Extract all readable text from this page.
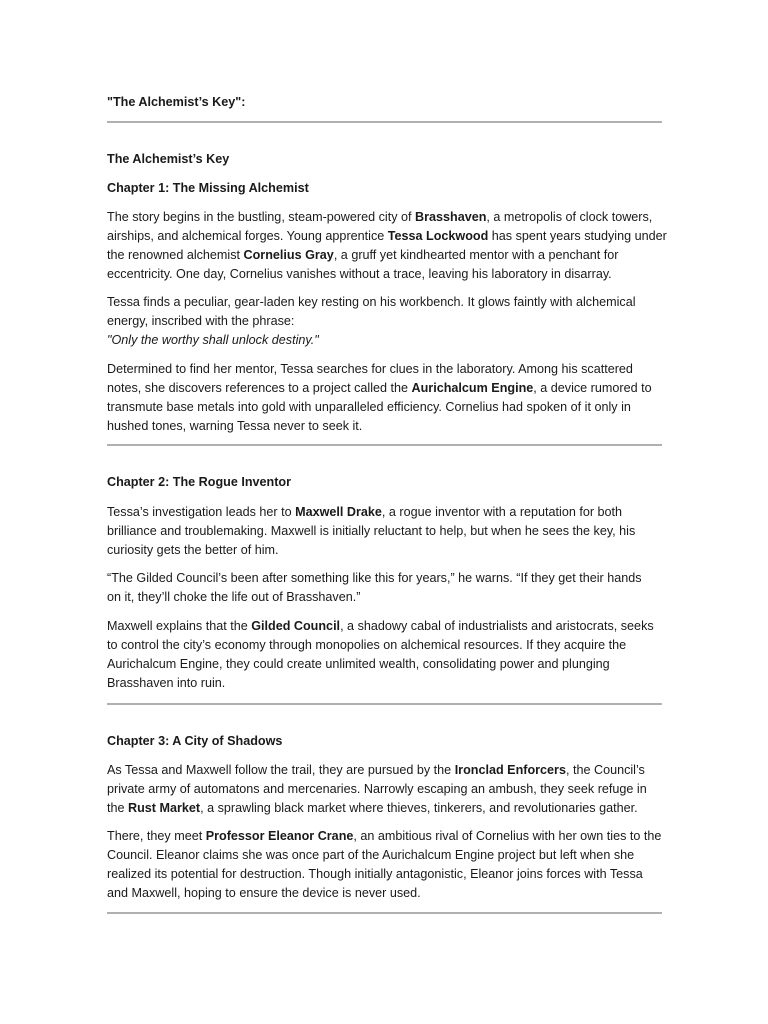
"The Alchemist’s Key":

The Alchemist’s Key

Chapter 1: The Missing Alchemist

The story begins in the bustling, steam-powered city of Brasshaven, a metropolis of clock towers,

airships, and alchemical forges. Young apprentice Tessa Lockwood has spent years studying under

the renowned alchemist Cornelius Gray, a gruff yet kindhearted mentor with a penchant for

eccentricity. One day, Cornelius vanishes without a trace, leaving his laboratory in disarray.

Tessa finds a peculiar, gear-laden key resting on his workbench. It glows faintly with alchemical

energy, inscribed with the phrase:

"Only the worthy shall unlock destiny."

Determined to find her mentor, Tessa searches for clues in the laboratory. Among his scattered

notes, she discovers references to a project called the Aurichalcum Engine, a device rumored to

transmute base metals into gold with unparalleled efficiency. Cornelius had spoken of it only in

hushed tones, warning Tessa never to seek it.

Chapter 2: The Rogue Inventor

Tessa’s investigation leads her to Maxwell Drake, a rogue inventor with a reputation for both

brilliance and troublemaking. Maxwell is initially reluctant to help, but when he sees the key, his

curiosity gets the better of him.

“The Gilded Council’s been after something like this for years,” he warns. “If they get their hands

on it, they’ll choke the life out of Brasshaven.”

Maxwell explains that the Gilded Council, a shadowy cabal of industrialists and aristocrats, seeks

to control the city’s economy through monopolies on alchemical resources. If they acquire the

Aurichalcum Engine, they could create unlimited wealth, consolidating power and plunging

Brasshaven into ruin.

Chapter 3: A City of Shadows

As Tessa and Maxwell follow the trail, they are pursued by the Ironclad Enforcers, the Council’s

private army of automatons and mercenaries. Narrowly escaping an ambush, they seek refuge in

the Rust Market, a sprawling black market where thieves, tinkerers, and revolutionaries gather.

There, they meet Professor Eleanor Crane, an ambitious rival of Cornelius with her own ties to the

Council. Eleanor claims she was once part of the Aurichalcum Engine project but left when she

realized its potential for destruction. Though initially antagonistic, Eleanor joins forces with Tessa

and Maxwell, hoping to ensure the device is never used.
